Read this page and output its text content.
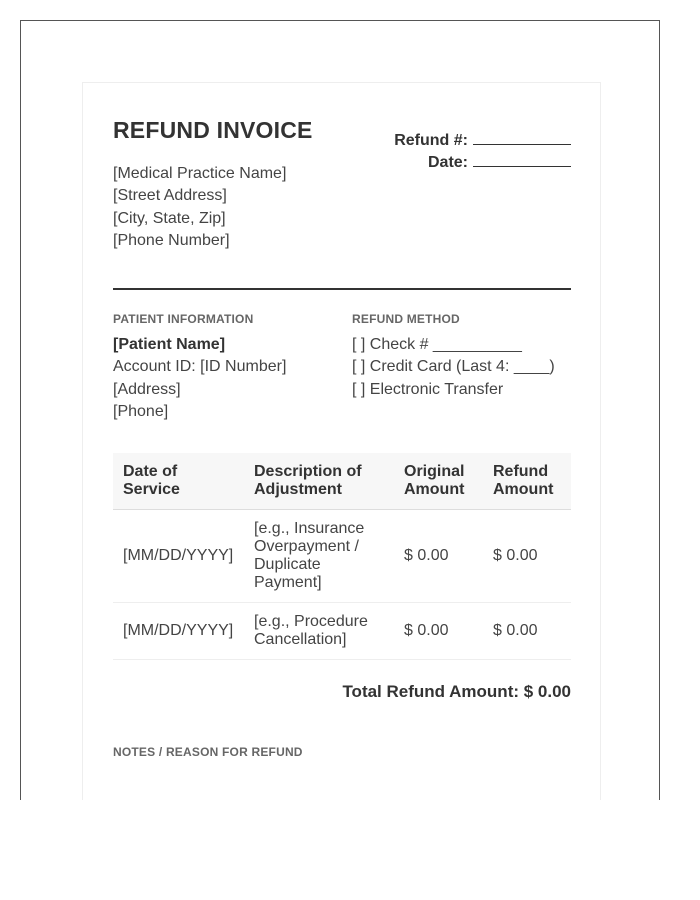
REFUND INVOICE
[Medical Practice Name]
[Street Address]
[City, State, Zip]
[Phone Number]
Refund #:
Date:
PATIENT INFORMATION
[Patient Name]
Account ID: [ID Number]
[Address]
[Phone]
REFUND METHOD
[ ] Check # __________
[ ] Credit Card (Last 4: ____)
[ ] Electronic Transfer
Date of Service	Description of Adjustment	Original Amount	Refund Amount
[MM/DD/YYYY]	[e.g., Insurance Overpayment / Duplicate Payment]	$ 0.00	$ 0.00
[MM/DD/YYYY]	[e.g., Procedure Cancellation]	$ 0.00	$ 0.00
Total Refund Amount: $ 0.00
NOTES / REASON FOR REFUND
